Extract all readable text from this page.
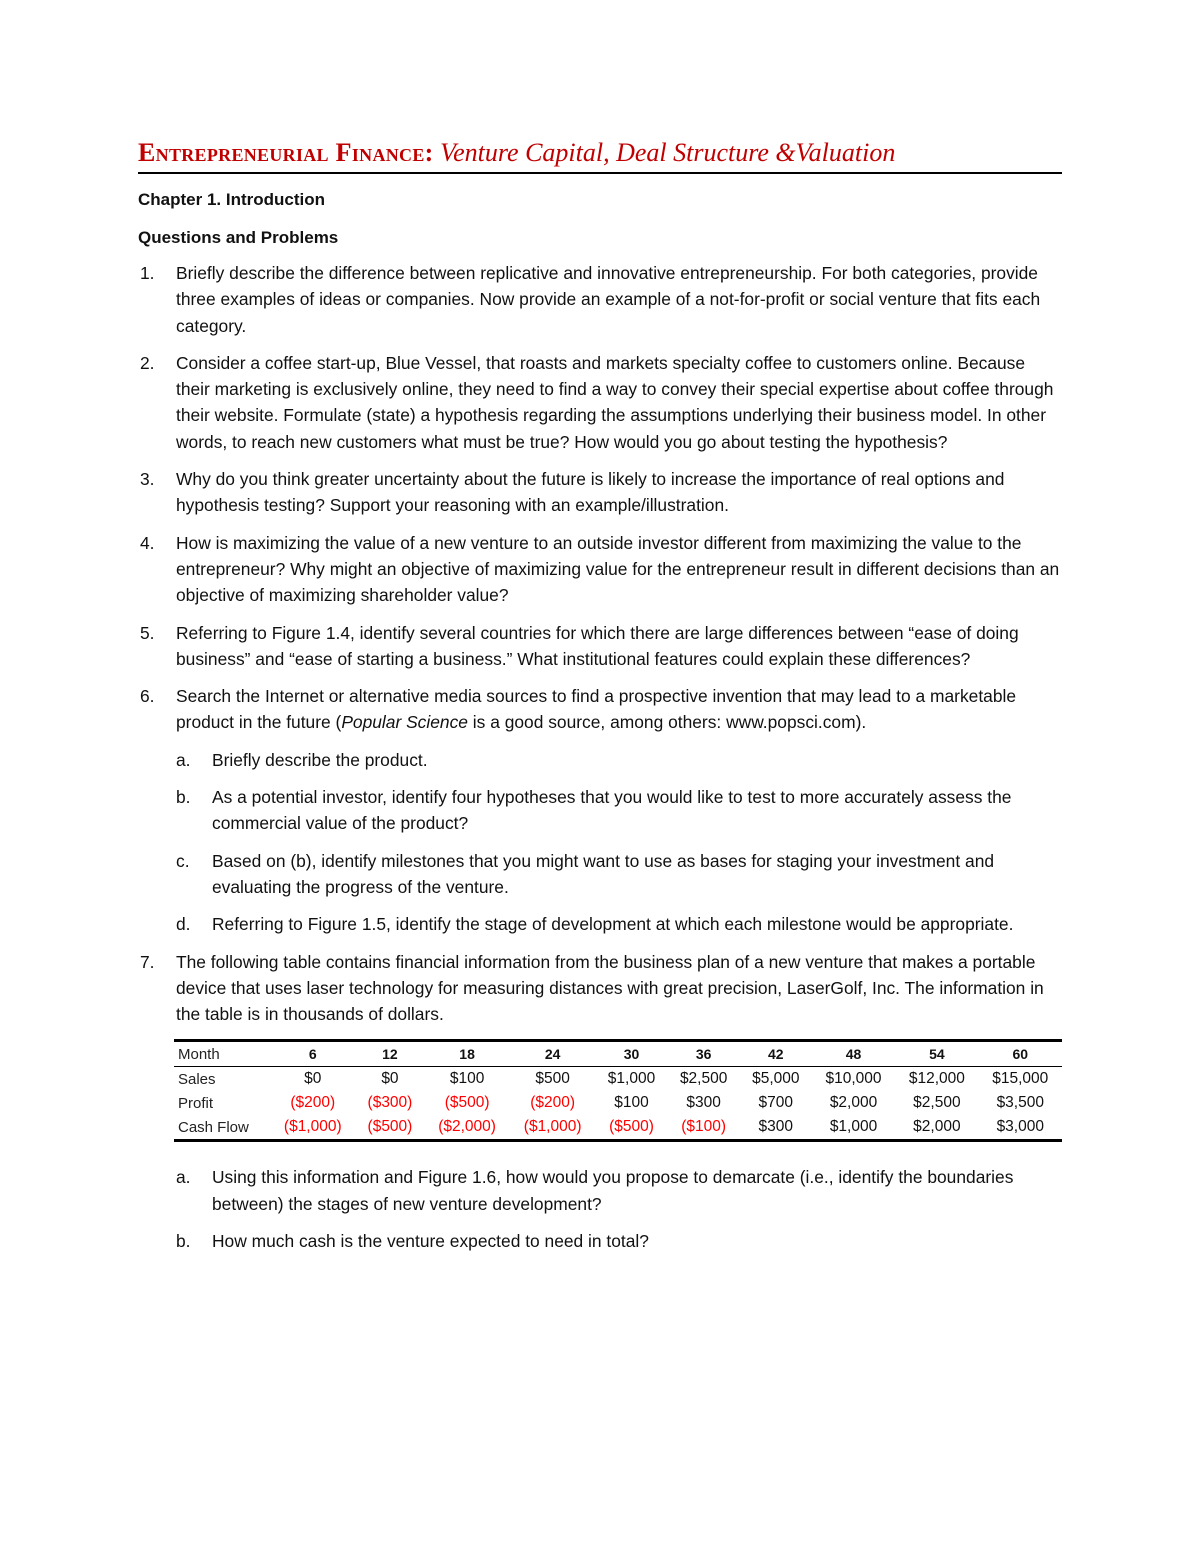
Entrepreneurial Finance: Venture Capital, Deal Structure &Valuation
Chapter 1. Introduction
Questions and Problems
1. Briefly describe the difference between replicative and innovative entrepreneurship. For both categories, provide three examples of ideas or companies. Now provide an example of a not-for-profit or social venture that fits each category.
2. Consider a coffee start-up, Blue Vessel, that roasts and markets specialty coffee to customers online. Because their marketing is exclusively online, they need to find a way to convey their special expertise about coffee through their website. Formulate (state) a hypothesis regarding the assumptions underlying their business model. In other words, to reach new customers what must be true? How would you go about testing the hypothesis?
3. Why do you think greater uncertainty about the future is likely to increase the importance of real options and hypothesis testing? Support your reasoning with an example/illustration.
4. How is maximizing the value of a new venture to an outside investor different from maximizing the value to the entrepreneur? Why might an objective of maximizing value for the entrepreneur result in different decisions than an objective of maximizing shareholder value?
5. Referring to Figure 1.4, identify several countries for which there are large differences between “ease of doing business” and “ease of starting a business.” What institutional features could explain these differences?
6. Search the Internet or alternative media sources to find a prospective invention that may lead to a marketable product in the future (Popular Science is a good source, among others: www.popsci.com).
a. Briefly describe the product.
b. As a potential investor, identify four hypotheses that you would like to test to more accurately assess the commercial value of the product?
c. Based on (b), identify milestones that you might want to use as bases for staging your investment and evaluating the progress of the venture.
d. Referring to Figure 1.5, identify the stage of development at which each milestone would be appropriate.
7. The following table contains financial information from the business plan of a new venture that makes a portable device that uses laser technology for measuring distances with great precision, LaserGolf, Inc. The information in the table is in thousands of dollars.
Month	6	12	18	24	30	36	42	48	54	60
Sales	$0	$0	$100	$500	$1,000	$2,500	$5,000	$10,000	$12,000	$15,000
Profit	($200)	($300)	($500)	($200)	$100	$300	$700	$2,000	$2,500	$3,500
Cash Flow	($1,000)	($500)	($2,000)	($1,000)	($500)	($100)	$300	$1,000	$2,000	$3,000
a. Using this information and Figure 1.6, how would you propose to demarcate (i.e., identify the boundaries between) the stages of new venture development?
b. How much cash is the venture expected to need in total?
